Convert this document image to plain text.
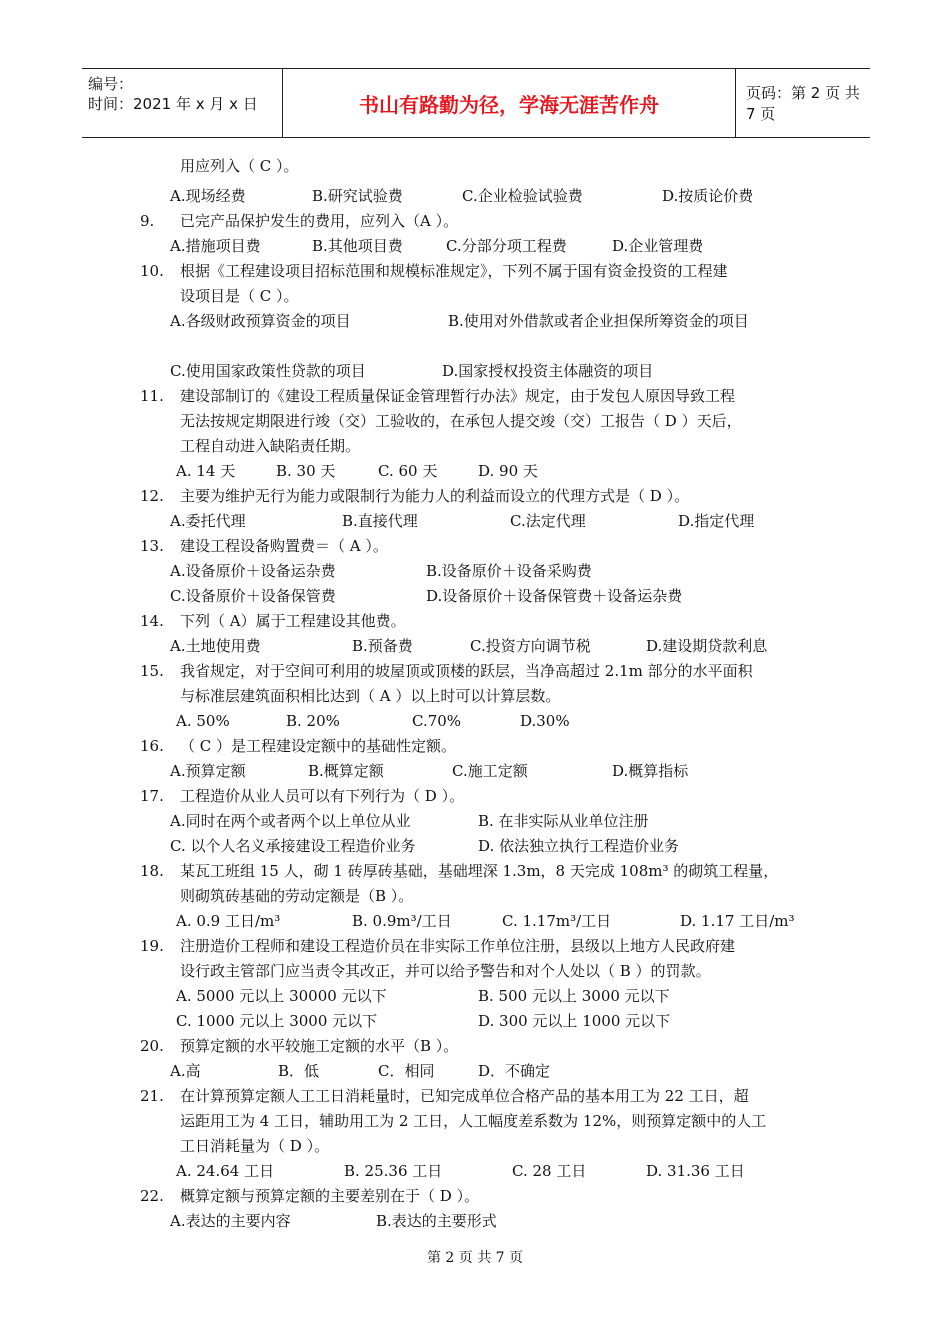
编号：
时间：2021 年 x 月 x 日	书山有路勤为径，学海无涯苦作舟	页码：第 2 页 共 7 页
用应列入（ C ）。
A.现场经费	B.研究试验费	C.企业检验试验费	D.按质论价费
9. 已完产品保护发生的费用，应列入（A ）。
A.措施项目费	B.其他项目费	C.分部分项工程费	D.企业管理费
10. 根据《工程建设项目招标范围和规模标准规定》，下列不属于国有资金投资的工程建
设项目是（ C ）。
A.各级财政预算资金的项目	B.使用对外借款或者企业担保所筹资金的项目
C.使用国家政策性贷款的项目	D.国家授权投资主体融资的项目
11. 建设部制订的《建设工程质量保证金管理暂行办法》规定，由于发包人原因导致工程
无法按规定期限进行竣（交）工验收的，在承包人提交竣（交）工报告（ D ）天后，
工程自动进入缺陷责任期。
A. 14 天	B. 30 天	C. 60 天	D. 90 天
12. 主要为维护无行为能力或限制行为能力人的利益而设立的代理方式是（ D ）。
A.委托代理	B.直接代理	C.法定代理	D.指定代理
13. 建设工程设备购置费＝（ A ）。
A.设备原价＋设备运杂费	B.设备原价＋设备采购费
C.设备原价＋设备保管费	D.设备原价＋设备保管费＋设备运杂费
14. 下列（ A）属于工程建设其他费。
A.土地使用费	B.预备费	C.投资方向调节税	D.建设期贷款利息
15. 我省规定，对于空间可利用的坡屋顶或顶楼的跃层，当净高超过 2.1m 部分的水平面积
与标准层建筑面积相比达到（ A ）以上时可以计算层数。
A. 50%	B. 20%	C.70%	D.30%
16. （ C ）是工程建设定额中的基础性定额。
A.预算定额	B.概算定额	C.施工定额	D.概算指标
17. 工程造价从业人员可以有下列行为（ D ）。
A.同时在两个或者两个以上单位从业	B. 在非实际从业单位注册
C. 以个人名义承接建设工程造价业务	D. 依法独立执行工程造价业务
18. 某瓦工班组 15 人，砌 1 砖厚砖基础，基础埋深 1.3m，8 天完成 108m³ 的砌筑工程量，
则砌筑砖基础的劳动定额是（B ）。
A. 0.9 工日/m³	B. 0.9m³/工日	C. 1.17m³/工日	D. 1.17 工日/m³
19. 注册造价工程师和建设工程造价员在非实际工作单位注册，县级以上地方人民政府建
设行政主管部门应当责令其改正，并可以给予警告和对个人处以（ B ）的罚款。
A. 5000 元以上 30000 元以下	B. 500 元以上 3000 元以下
C. 1000 元以上 3000 元以下	D. 300 元以上 1000 元以下
20. 预算定额的水平较施工定额的水平（B ）。
A.高	B．低	C．相同	D．不确定
21. 在计算预算定额人工工日消耗量时，已知完成单位合格产品的基本用工为 22 工日，超
运距用工为 4 工日，辅助用工为 2 工日，人工幅度差系数为 12%，则预算定额中的人工
工日消耗量为（ D ）。
A. 24.64 工日	B. 25.36 工日	C. 28 工日	D. 31.36 工日
22. 概算定额与预算定额的主要差别在于（ D ）。
A.表达的主要内容	B.表达的主要形式
第 2 页 共 7 页
